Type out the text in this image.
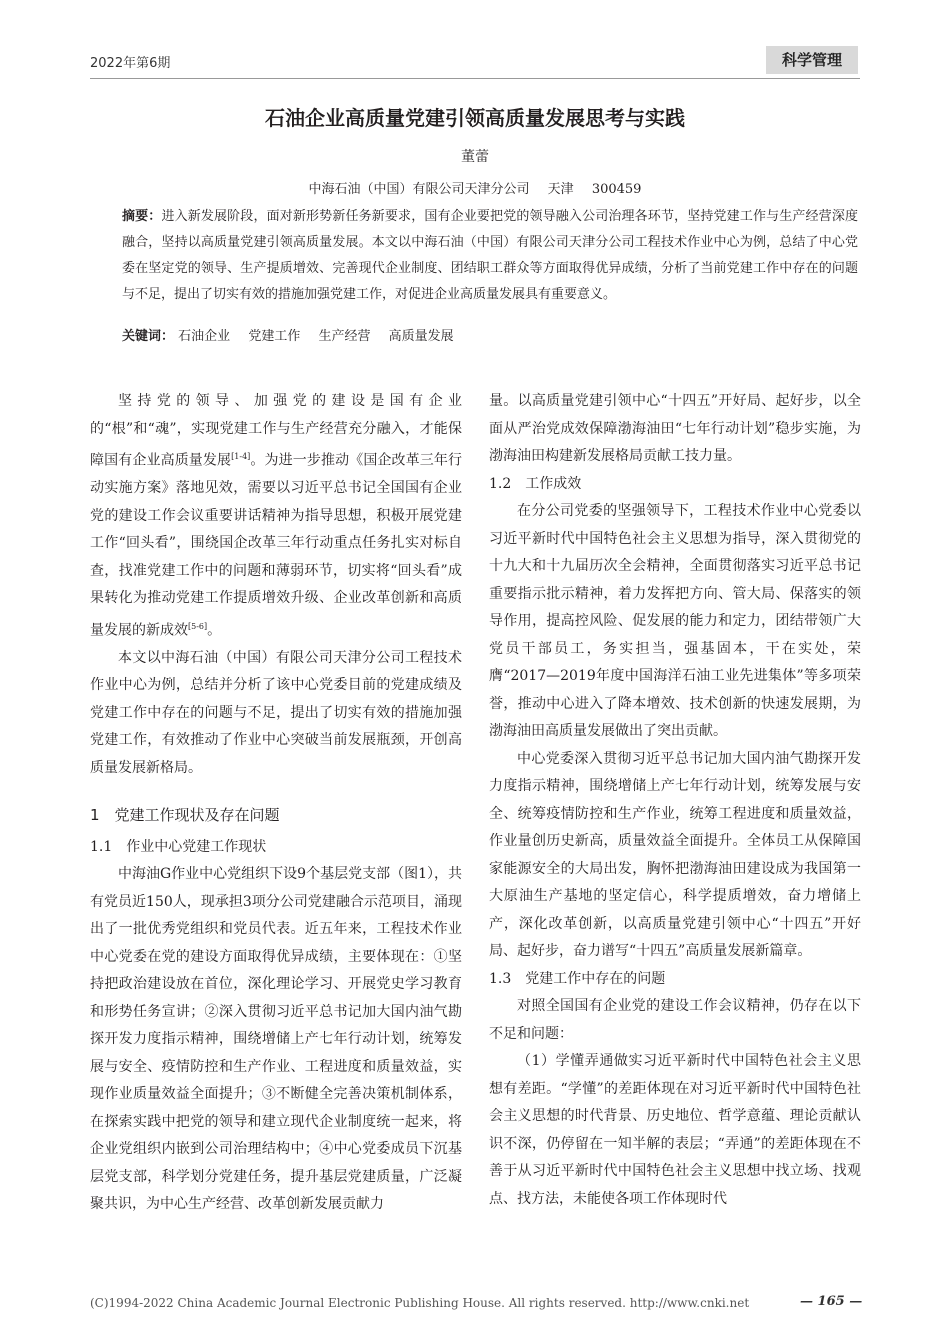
2022年第6期	科学管理
石油企业高质量党建引领高质量发展思考与实践
董蕾
中海石油（中国）有限公司天津分公司 天津 300459
摘要：进入新发展阶段，面对新形势新任务新要求，国有企业要把党的领导融入公司治理各环节，坚持党建工作与生产经营深度融合，坚持以高质量党建引领高质量发展。本文以中海石油（中国）有限公司天津分公司工程技术作业中心为例，总结了中心党委在坚定党的领导、生产提质增效、完善现代企业制度、团结职工群众等方面取得优异成绩，分析了当前党建工作中存在的问题与不足，提出了切实有效的措施加强党建工作，对促进企业高质量发展具有重要意义。
关键词： 石油企业 党建工作 生产经营 高质量发展

坚持党的领导、加强党的建设是国有企业的“根”和“魂”，实现党建工作与生产经营充分融入，才能保障国有企业高质量发展[1-4]。为进一步推动《国企改革三年行动实施方案》落地见效，需要以习近平总书记全国国有企业党的建设工作会议重要讲话精神为指导思想，积极开展党建工作“回头看”，围绕国企改革三年行动重点任务扎实对标自查，找准党建工作中的问题和薄弱环节，切实将“回头看”成果转化为推动党建工作提质增效升级、企业改革创新和高质量发展的新成效[5-6]。

本文以中海石油（中国）有限公司天津分公司工程技术作业中心为例，总结并分析了该中心党委目前的党建成绩及党建工作中存在的问题与不足，提出了切实有效的措施加强党建工作，有效推动了作业中心突破当前发展瓶颈，开创高质量发展新格局。

1　党建工作现状及存在问题

1.1　作业中心党建工作现状

中海油G作业中心党组织下设9个基层党支部（图1），共有党员近150人，现承担3项分公司党建融合示范项目，涌现出了一批优秀党组织和党员代表。近五年来，工程技术作业中心党委在党的建设方面取得优异成绩，主要体现在：①坚持把政治建设放在首位，深化理论学习、开展党史学习教育和形势任务宣讲；②深入贯彻习近平总书记加大国内油气勘探开发力度指示精神，围绕增储上产七年行动计划，统筹发展与安全、疫情防控和生产作业、工程进度和质量效益，实现作业质量效益全面提升；③不断健全完善决策机制体系，在探索实践中把党的领导和建立现代企业制度统一起来，将企业党组织内嵌到公司治理结构中；④中心党委成员下沉基层党支部，科学划分党建任务，提升基层党建质量，广泛凝聚共识，为中心生产经营、改革创新发展贡献力

量。以高质量党建引领中心“十四五”开好局、起好步，以全面从严治党成效保障渤海油田“七年行动计划”稳步实施，为渤海油田构建新发展格局贡献工技力量。

1.2　工作成效

在分公司党委的坚强领导下，工程技术作业中心党委以习近平新时代中国特色社会主义思想为指导，深入贯彻党的十九大和十九届历次全会精神，全面贯彻落实习近平总书记重要指示批示精神，着力发挥把方向、管大局、保落实的领导作用，提高控风险、促发展的能力和定力，团结带领广大党员干部员工，务实担当，强基固本，干在实处，荣膺“2017—2019年度中国海洋石油工业先进集体”等多项荣誉，推动中心进入了降本增效、技术创新的快速发展期，为渤海油田高质量发展做出了突出贡献。

中心党委深入贯彻习近平总书记加大国内油气勘探开发力度指示精神，围绕增储上产七年行动计划，统筹发展与安全、统筹疫情防控和生产作业，统筹工程进度和质量效益，作业量创历史新高，质量效益全面提升。全体员工从保障国家能源安全的大局出发，胸怀把渤海油田建设成为我国第一大原油生产基地的坚定信心，科学提质增效，奋力增储上产，深化改革创新，以高质量党建引领中心“十四五”开好局、起好步，奋力谱写“十四五”高质量发展新篇章。

1.3　党建工作中存在的问题

对照全国国有企业党的建设工作会议精神，仍存在以下不足和问题：

（1）学懂弄通做实习近平新时代中国特色社会主义思想有差距。“学懂”的差距体现在对习近平新时代中国特色社会主义思想的时代背景、历史地位、哲学意蕴、理论贡献认识不深，仍停留在一知半解的表层；“弄通”的差距体现在不善于从习近平新时代中国特色社会主义思想中找立场、找观点、找方法，未能使各项工作体现时代

(C)1994-2022 China Academic Journal Electronic Publishing House. All rights reserved. http://www.cnki.net	— 165 —
